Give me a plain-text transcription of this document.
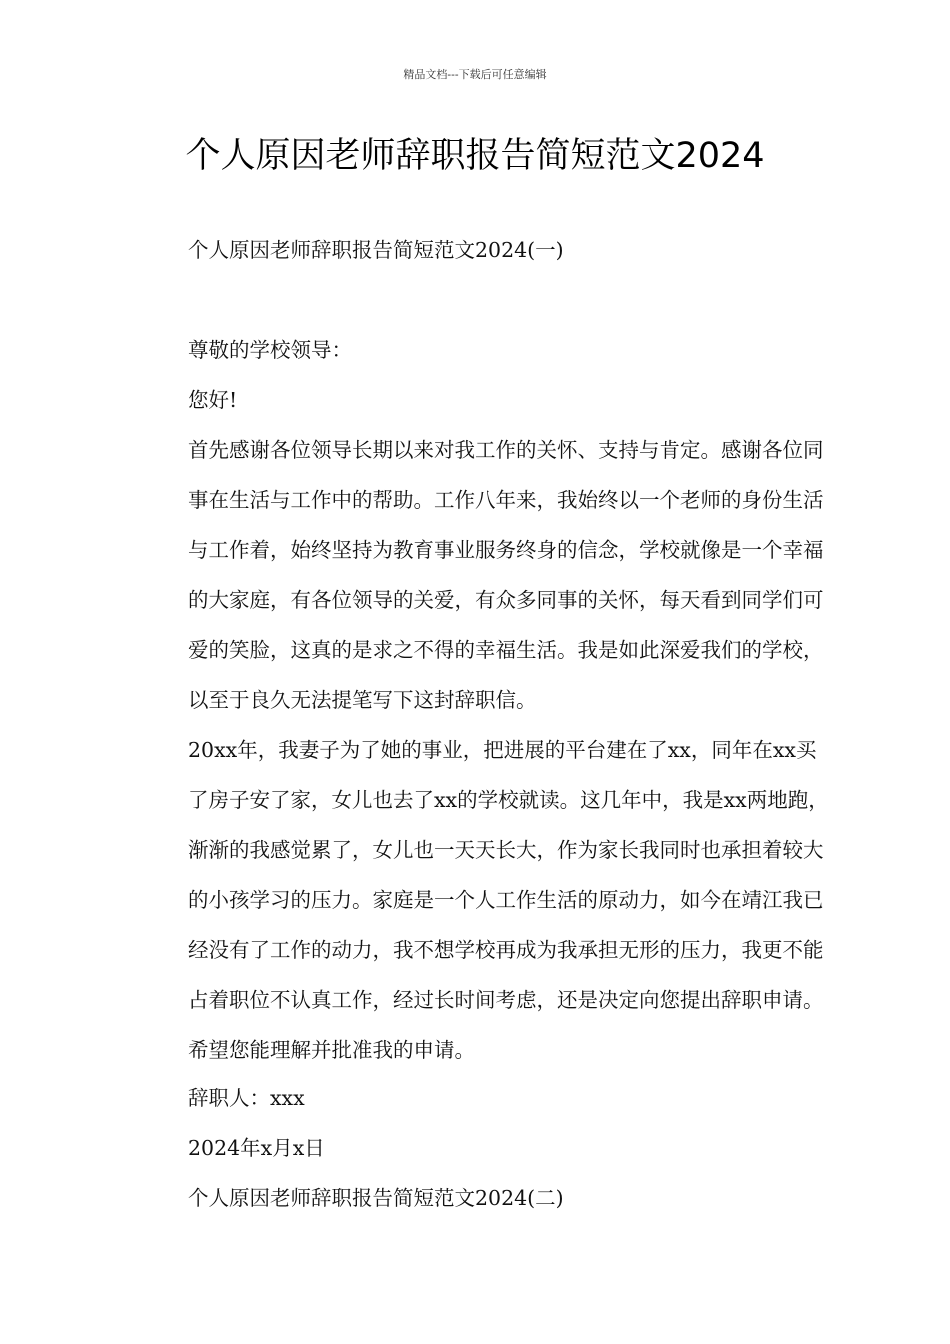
精品文档---下载后可任意编辑
个人原因老师辞职报告简短范文2024

个人原因老师辞职报告简短范文2024(一)

尊敬的学校领导：

您好!

首先感谢各位领导长期以来对我工作的关怀、支持与肯定。感谢各位同事在生活与工作中的帮助。工作八年来，我始终以一个老师的身份生活与工作着，始终坚持为教育事业服务终身的信念，学校就像是一个幸福的大家庭，有各位领导的关爱，有众多同事的关怀，每天看到同学们可爱的笑脸，这真的是求之不得的幸福生活。我是如此深爱我们的学校，以至于良久无法提笔写下这封辞职信。

20xx年，我妻子为了她的事业，把进展的平台建在了xx，同年在xx买了房子安了家，女儿也去了xx的学校就读。这几年中，我是xx两地跑，渐渐的我感觉累了，女儿也一天天长大，作为家长我同时也承担着较大的小孩学习的压力。家庭是一个人工作生活的原动力，如今在靖江我已经没有了工作的动力，我不想学校再成为我承担无形的压力，我更不能占着职位不认真工作，经过长时间考虑，还是决定向您提出辞职申请。希望您能理解并批准我的申请。

辞职人：xxx

2024年x月x日

个人原因老师辞职报告简短范文2024(二)
